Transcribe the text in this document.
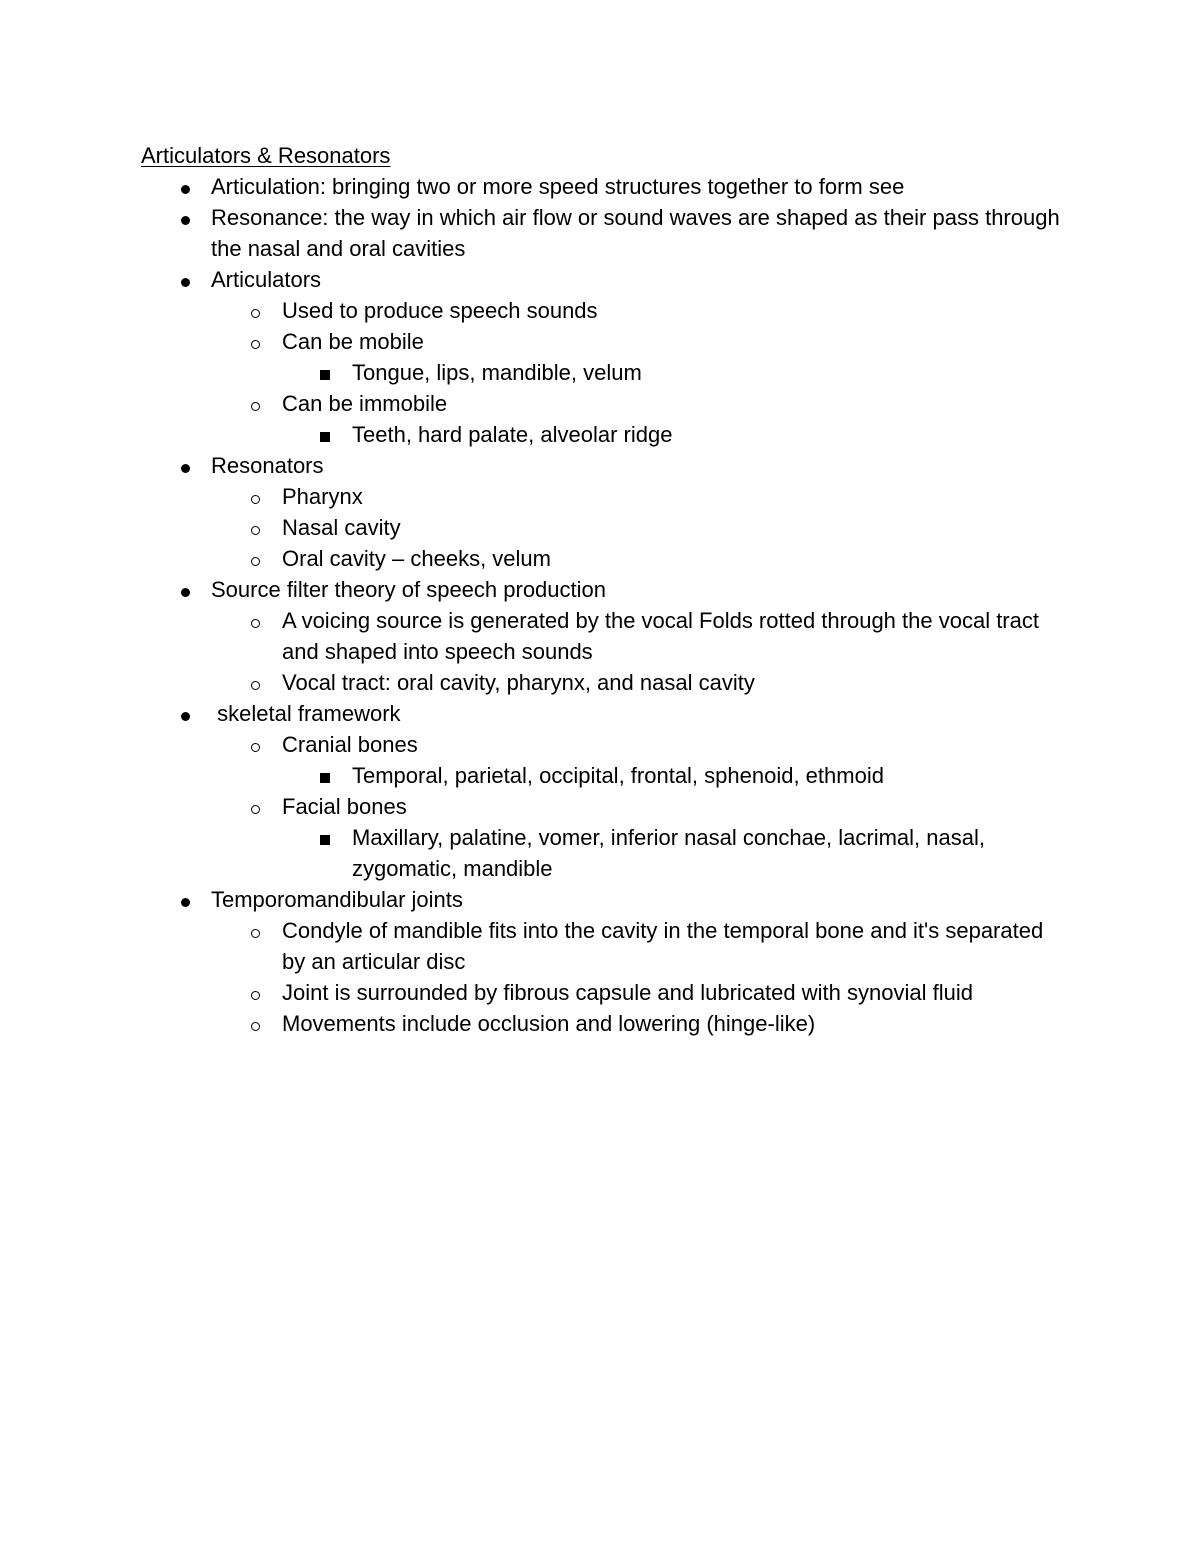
Articulators & Resonators
Articulation: bringing two or more speed structures together to form see
Resonance: the way in which air flow or sound waves are shaped as their pass through the nasal and oral cavities
Articulators
Used to produce speech sounds
Can be mobile
Tongue, lips, mandible, velum
Can be immobile
Teeth, hard palate, alveolar ridge
Resonators
Pharynx
Nasal cavity
Oral cavity – cheeks, velum
Source filter theory of speech production
A voicing source is generated by the vocal Folds rotted through the vocal tract and shaped into speech sounds
Vocal tract: oral cavity, pharynx, and nasal cavity
skeletal framework
Cranial bones
Temporal, parietal, occipital, frontal, sphenoid, ethmoid
Facial bones
Maxillary, palatine, vomer, inferior nasal conchae, lacrimal, nasal, zygomatic, mandible
Temporomandibular joints
Condyle of mandible fits into the cavity in the temporal bone and it's separated by an articular disc
Joint is surrounded by fibrous capsule and lubricated with synovial fluid
Movements include occlusion and lowering (hinge-like)
